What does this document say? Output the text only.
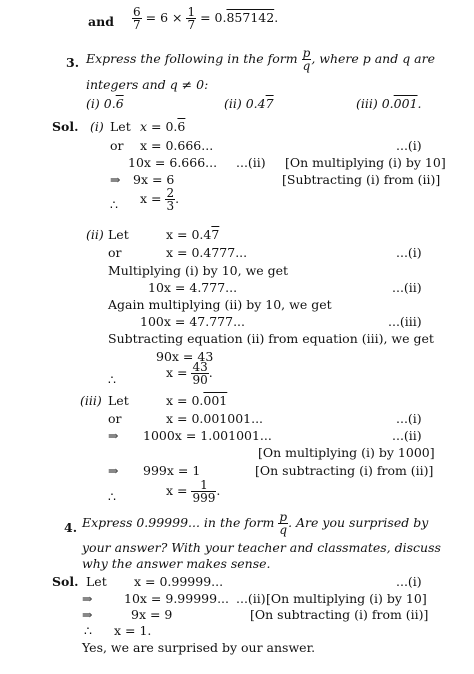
and $\frac{6}{7} = 6 \times \frac{1}{7} = 0.857142$.
3. Express the following in the form $\frac{p}{q}$ , where p and q are
integers and q ≠ 0:
(i) 0.6	(ii) 0.47	(iii) 0.001.
Sol. (i) Let x = 0.6
or x = 0.666...	...(i)
10x = 6.666... ...(ii) [On multiplying (i) by 10]
⇒ 9x = 6	[Subtracting (i) from (ii)]
∴ $x = \frac{2}{3}$ .
(ii) Let	x = 0.47
or	x = 0.4777...	...(i)
Multiplying (i) by 10, we get
10x = 4.777...	...(ii)
Again multiplying (ii) by 10, we get
100x = 47.777...	...(iii)
Subtracting equation (ii) from equation (iii), we get
90x = 43
∴	$x = \frac{43}{90}$ .
(iii) Let	x = 0.001
or	x = 0.001001...	...(i)
⇒ 1000x = 1.001001...	...(ii)
[On multiplying (i) by 1000]
⇒ 999x = 1	[On subtracting (i) from (ii)]
∴	$x = \frac{1}{999}$ .
4. Express 0.99999... in the form $\frac{p}{q}$ . Are you surprised by
your answer? With your teacher and classmates, discuss
why the answer makes sense.
Sol. Let x = 0.99999...	...(i)
⇒	10x = 9.99999... ...(ii) [On multiplying (i) by 10]
⇒	9x = 9	[On subtracting (i) from (ii)]
∴ x = 1.
Yes, we are surprised by our answer.
